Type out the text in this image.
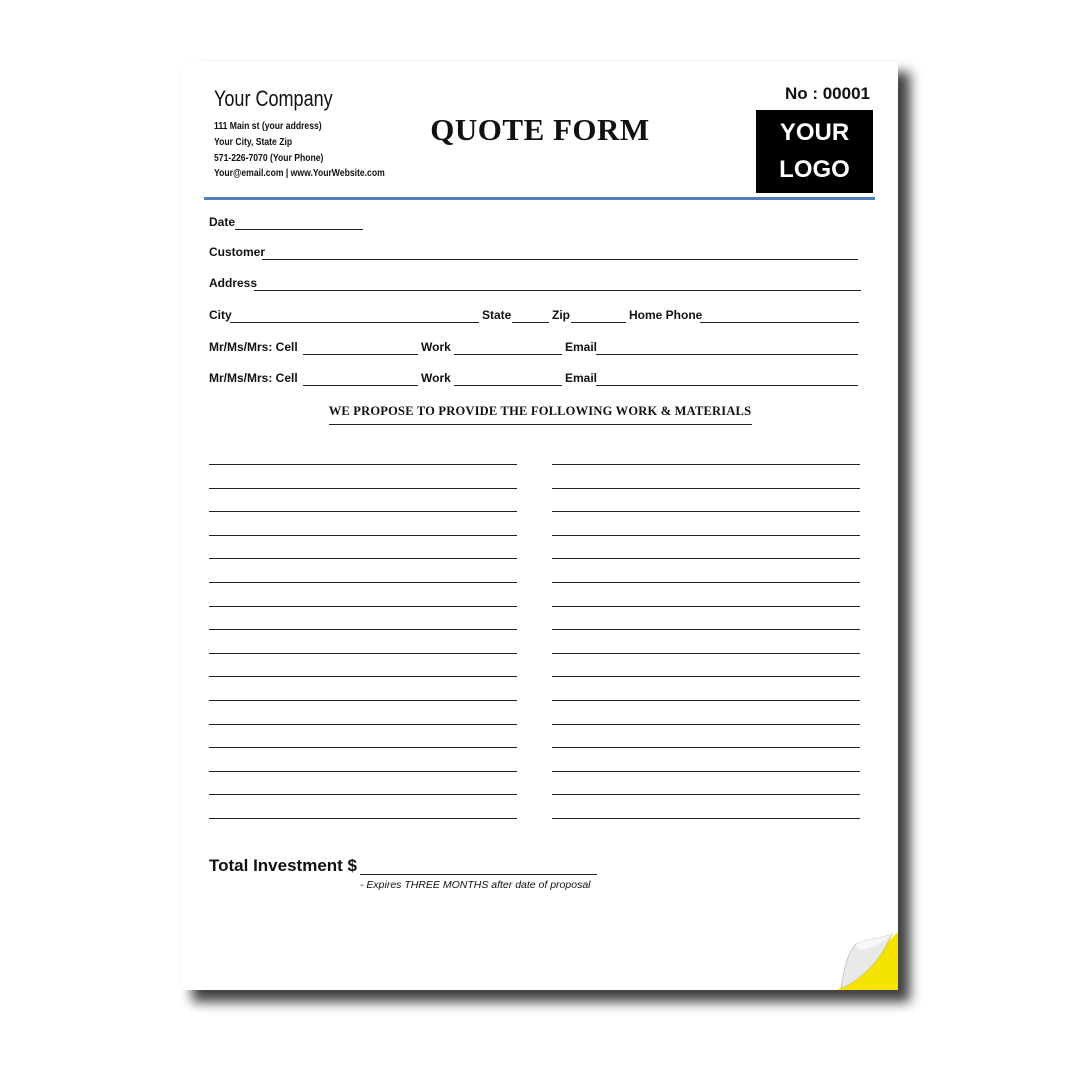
Your Company
111 Main st (your address)
Your City, State Zip
571-226-7070 (Your Phone)
Your@email.com | www.YourWebsite.com
QUOTE FORM
No : 00001
YOUR
LOGO
Date
Customer
Address
City	State	Zip	Home Phone
Mr/Ms/Mrs: Cell	Work	Email
Mr/Ms/Mrs: Cell	Work	Email
WE PROPOSE TO PROVIDE THE FOLLOWING WORK & MATERIALS
Total Investment $
- Expires THREE MONTHS after date of proposal
